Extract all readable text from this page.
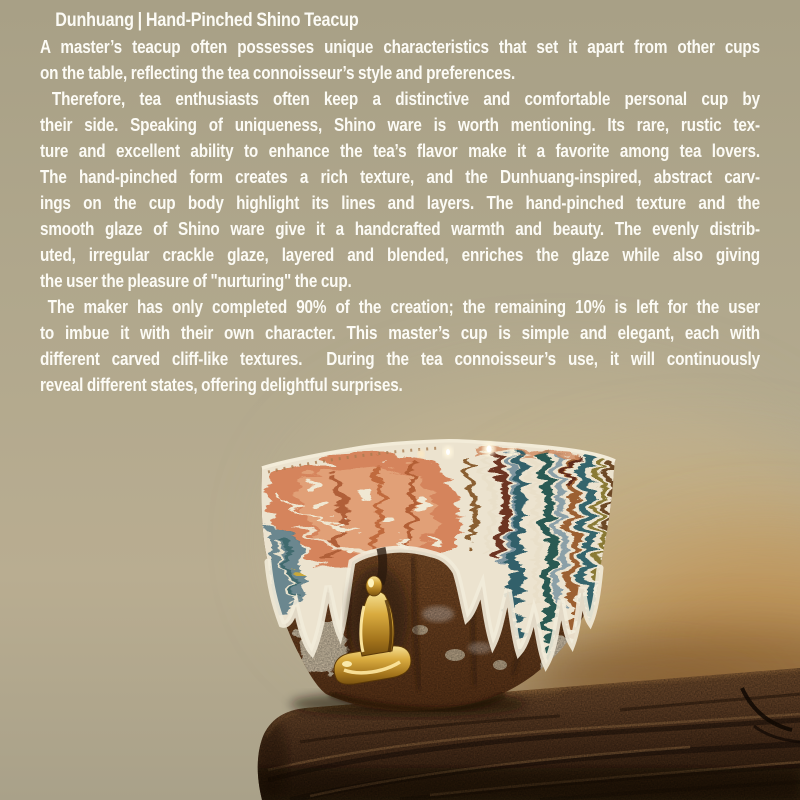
Dunhuang | Hand-Pinched Shino Teacup
A master’s teacup often possesses unique characteristics that set it apart from other cups
on the table, reflecting the tea connoisseur’s style and preferences.
Therefore, tea enthusiasts often keep a distinctive and comfortable personal cup by
their side. Speaking of uniqueness, Shino ware is worth mentioning. Its rare, rustic tex-
ture and excellent ability to enhance the tea’s flavor make it a favorite among tea lovers.
The hand-pinched form creates a rich texture, and the Dunhuang-inspired, abstract carv-
ings on the cup body highlight its lines and layers. The hand-pinched texture and the
smooth glaze of Shino ware give it a handcrafted warmth and beauty. The evenly distrib-
uted, irregular crackle glaze, layered and blended, enriches the glaze while also giving
the user the pleasure of "nurturing" the cup.
The maker has only completed 90% of the creation; the remaining 10% is left for the user
to imbue it with their own character. This master’s cup is simple and elegant, each with
different carved cliff-like textures.  During the tea connoisseur’s use, it will continuously
reveal different states, offering delightful surprises.
